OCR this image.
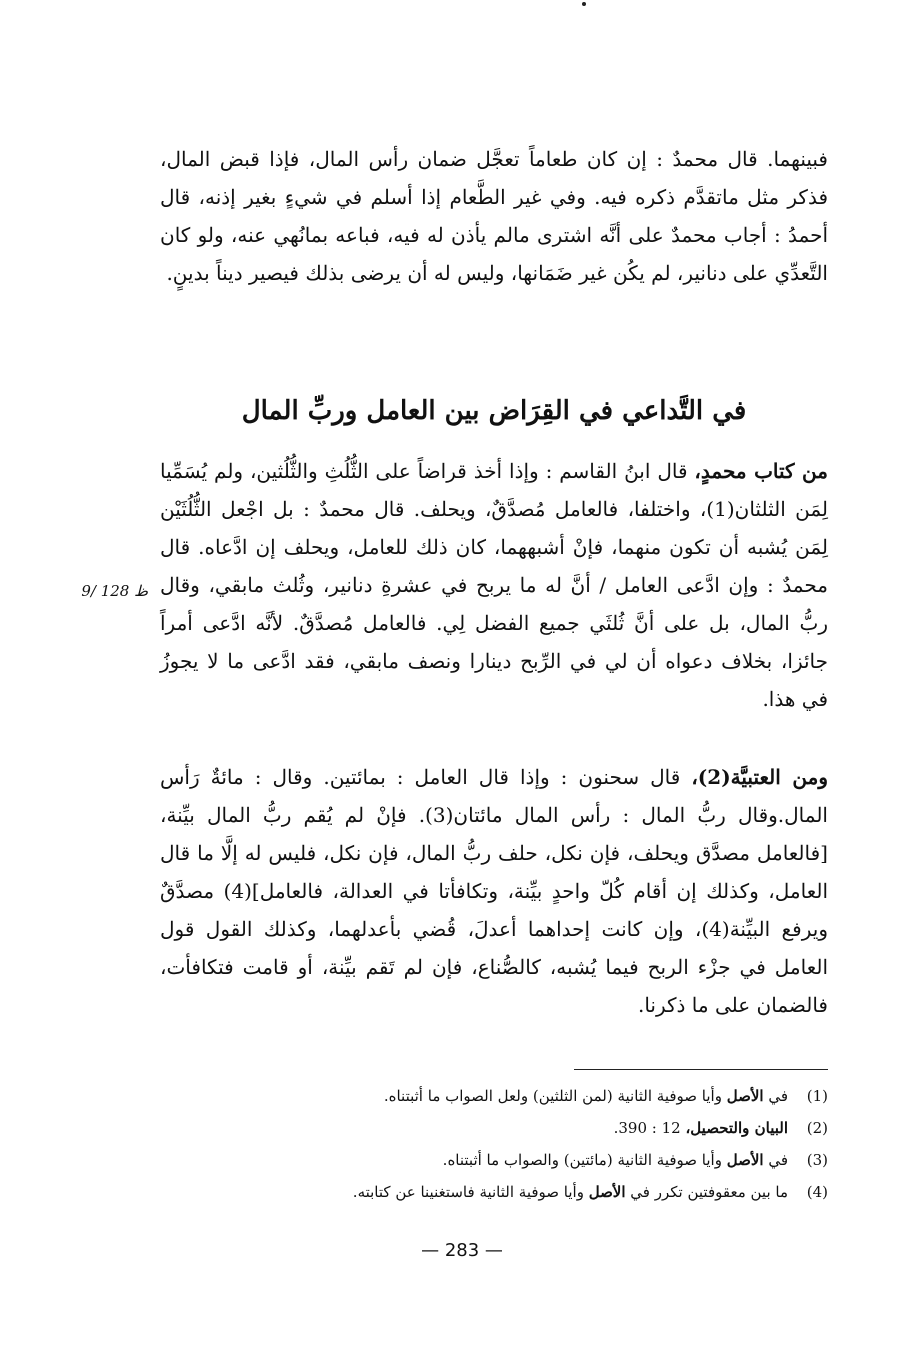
فبينهما. قال محمدٌ : إن كان طعاماً تعجَّل ضمان رأس المال، فإذا قبض المال، فذكر مثل ماتقدَّم ذكره فيه. وفي غير الطَّعام إذا أسلم في شيءٍ بغير إذنه، قال أحمدُ : أجاب محمدٌ على أنَّه اشترى مالم يأذن له فيه، فباعه بمانُهي عنه، ولو كان التَّعدِّي على دنانير، لم يكُن غير ضَمَانها، وليس له أن يرضى بذلك فيصير ديناً بدينٍ.
في التَّداعي في القِرَاض بين العامل وربِّ المال
من كتاب محمدٍ، قال ابنُ القاسم : وإذا أخذ قراضاً على الثُّلُثِ والثُّلُثين، ولم يُسَمِّيا لِمَن الثلثان(1)، واختلفا، فالعامل مُصدَّقٌ، ويحلف. قال محمدٌ : بل اجْعل الثُّلُثَيْن لِمَن يُشبه أن تكون منهما، فإنْ أشبههما، كان ذلك للعامل، ويحلف إن ادَّعاه. قال محمدٌ : وإن ادَّعى العامل / أنَّ له ما يربح في عشرةِ دنانير، وثُلث مابقي، وقال ربُّ المال، بل على أنَّ ثُلثَي جميع الفضل لِي. فالعامل مُصدَّقٌ. لأنَّه ادَّعى أمراً جائزا، بخلاف دعواه أن لي في الرِّبح دينارا ونصف مابقي، فقد ادَّعى ما لا يجوزُ في هذا.
9/ 128 ظ
ومن العتبيَّة(2)، قال سحنون : وإذا قال العامل : بمائتين. وقال : مائةٌ رَأس المال.وقال ربُّ المال : رأس المال مائتان(3). فإنْ لم يُقم ربُّ المال بيِّنة، [فالعامل مصدَّق ويحلف، فإن نكل، حلف ربُّ المال، فإن نكل، فليس له إلَّا ما قال العامل، وكذلك إن أقام كُلّ واحدٍ بيِّنة، وتكافأتا في العدالة، فالعامل](4) مصدَّقٌ ويرفع البيِّنة(4)، وإن كانت إحداهما أعدلَ، قُضي بأعدلهما، وكذلك القول قول العامل في جزْء الربح فيما يُشبه، كالصُّناع، فإن لم تَقم بيِّنة، أو قامت فتكافأت، فالضمان على ما ذكرنا.
(1)
في الأصل وأيا صوفية الثانية (لمن الثلثين) ولعل الصواب ما أثبتناه.
(2)
البيان والتحصيل، 12 : 390.
(3)
في الأصل وأيا صوفية الثانية (مائتين) والصواب ما أثبتناه.
(4)
ما بين معقوفتين تكرر في الأصل وأيا صوفية الثانية فاستغنينا عن كتابته.
— 283 —
